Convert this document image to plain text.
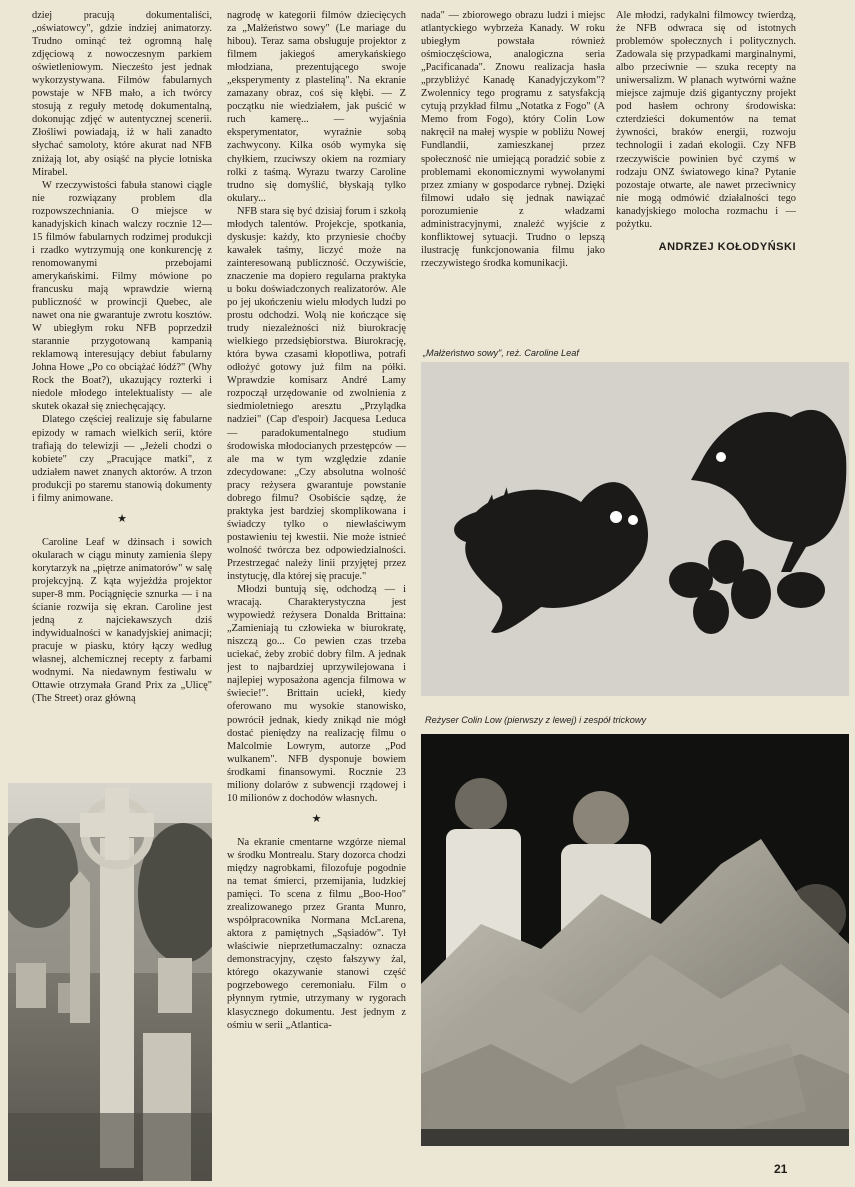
dziej pracują dokumentaliści, „oświatowcy", gdzie indziej animatorzy. Trudno ominąć też ogromną halę zdjęciową z nowoczesnym parkiem oświetleniowym. Niecześto jest jednak wykorzystywana. Filmów fabularnych powstaje w NFB mało, a ich twórcy stosują z reguły metodę dokumentalną, dokonując zdjęć w autentycznej scenerii. Złośliwi powiadają, iż w hali zanadto słychać samoloty, które akurat nad NFB zniżają lot, aby osiąść na płycie lotniska Mirabel.

W rzeczywistości fabuła stanowi ciągle nie rozwiązany problem dla rozpowszechniania. O miejsce w kanadyjskich kinach walczy rocznie 12—15 filmów fabularnych rodzimej produkcji i rzadko wytrzymują one konkurencję z renomowanymi przebojami amerykańskimi. Filmy mówione po francusku mają wprawdzie wierną publiczność w prowincji Quebec, ale nawet ona nie gwarantuje zwrotu kosztów. W ubiegłym roku NFB poprzedził starannie przygotowaną kampanią reklamową interesujący debiut fabularny Johna Howe „Po co obciążać łódź?" (Why Rock the Boat?), ukazujący rozterki i niedole młodego intelektualisty — ale skutek okazał się zniechęcający.

Dlatego częściej realizuje się fabularne epizody w ramach wielkich serii, które trafiają do telewizji — „Jeżeli chodzi o kobiete" czy „Pracujące matki", z udziałem nawet znanych aktorów. A trzon produkcji po staremu stanowią dokumenty i filmy animowane.

★

Caroline Leaf w dżinsach i sowich okularach w ciągu minuty zamienia ślepy korytarzyk na „piętrze animatorów" w salę projekcyjną. Z kąta wyjeżdża projektor super-8 mm. Pociągnięcie sznurka — i na ścianie rozwija się ekran. Caroline jest jedną z najciekawszych dziś indywidualności w kanadyjskiej animacji; pracuje w piasku, który łączy według własnej, alchemicznej recepty z farbami wodnymi. Na niedawnym festiwalu w Ottawie otrzymała Grand Prix za „Ulicę" (The Street) oraz główną

nagrodę w kategorii filmów dziecięcych za „Małżeństwo sowy" (Le mariage du hibou). Teraz sama obsługuje projektor z filmem jakiegoś amerykańskiego młodziana, prezentującego swoje „eksperymenty z plasteliną". Na ekranie zamazany obraz, coś się kłębi. — Z początku nie wiedziałem, jak puścić w ruch kamerę... — wyjaśnia eksperymentator, wyraźnie sobą zachwycony. Kilka osób wymyka się chyłkiem, rzuciwszy okiem na rozmiary rolki z taśmą. Wyrazu twarzy Caroline trudno się domyślić, błyskają tylko okulary...

NFB stara się być dzisiaj forum i szkołą młodych talentów. Projekcje, spotkania, dyskusje: każdy, kto przyniesie choćby kawałek taśmy, liczyć może na zainteresowaną publiczność. Oczywiście, znaczenie ma dopiero regularna praktyka u boku doświadczonych realizatorów. Ale po jej ukończeniu wielu młodych ludzi po prostu odchodzi. Wolą nie kończące się trudy niezależności niż biurokrację wielkiego przedsiębiorstwa. Biurokrację, która bywa czasami kłopotliwa, potrafi odłożyć gotowy już film na półki. Wprawdzie komisarz André Lamy rozpoczął urzędowanie od zwolnienia z siedmioletniego aresztu „Przylądka nadziei" (Cap d'espoir) Jacquesa Leduca — paradokumentalnego studium środowiska młodocianych przestępców — ale ma w tym względzie zdanie zdecydowane: „Czy absolutna wolność pracy reżysera gwarantuje powstanie dobrego filmu? Osobiście sądzę, że praktyka jest bardziej skomplikowana i świadczy tylko o niewłaściwym postawieniu tej kwestii. Nie może istnieć wolność twórcza bez odpowiedzialności. Przestrzegać należy linii przyjętej przez instytucję, dla której się pracuje."

Młodzi buntują się, odchodzą — i wracają. Charakterystyczna jest wypowiedź reżysera Donalda Brittaina: „Zamieniają tu człowieka w biurokratę, niszczą go... Co pewien czas trzeba uciekać, żeby zrobić dobry film. A jednak jest to najbardziej uprzywilejowana i najlepiej wyposażona agencja filmowa w świecie!". Brittain uciekł, kiedy oferowano mu wysokie stanowisko, powrócił jednak, kiedy znikąd nie mógł dostać pieniędzy na realizację filmu o Malcolmie Lowrym, autorze „Pod wulkanem". NFB dysponuje bowiem środkami finansowymi. Rocznie 23 miliony dolarów z subwencji rządowej i 10 milionów z dochodów własnych.

★

Na ekranie cmentarne wzgórze niemal w środku Montrealu. Stary dozorca chodzi między nagrobkami, filozofuje pogodnie na temat śmierci, przemijania, ludzkiej pamięci. To scena z filmu „Boo-Hoo" zrealizowanego przez Granta Munro, współpracownika Normana McLarena, aktora z pamiętnych „Sąsiadów". Tył właściwie nieprzetłumaczalny: oznacza demonstracyjny, często fałszywy żal, którego okazywanie stanowi część pogrzebowego ceremoniału. Film o płynnym rytmie, utrzymany w rygorach klasycznego dokumentu. Jest jednym z ośmiu w serii „Atlantica-

nada" — zbiorowego obrazu ludzi i miejsc atlantyckiego wybrzeża Kanady. W roku ubiegłym powstała również ośmioczęściowa, analogiczna seria „Pacificanada". Znowu realizacja hasła „przybliżyć Kanadę Kanadyjczykom"? Zwolennicy tego programu z satysfakcją cytują przykład filmu „Notatka z Fogo" (A Memo from Fogo), który Colin Low nakręcił na małej wyspie w pobliżu Nowej Fundlandii, zamieszkanej przez społeczność nie umiejącą poradzić sobie z problemami ekonomicznymi wywołanymi przez zmiany w gospodarce rybnej. Dzięki filmowi udało się jednak nawiązać porozumienie z władzami administracyjnymi, znaleźć wyjście z konfliktowej sytuacji. Trudno o lepszą ilustrację funkcjonowania filmu jako rzeczywistego środka komunikacji.

Ale młodzi, radykalni filmowcy twierdzą, że NFB odwraca się od istotnych problemów społecznych i politycznych. Zadowala się przypadkami marginalnymi, albo przeciwnie — szuka recepty na uniwersalizm. W planach wytwórni ważne miejsce zajmuje dziś gigantyczny projekt pod hasłem ochrony środowiska: czterdzieści dokumentów na temat żywności, braków energii, rozwoju technologii i zadań ekologii. Czy NFB rzeczywiście powinien być czymś w rodzaju ONZ światowego kina? Pytanie pozostaje otwarte, ale nawet przeciwnicy nie mogą odmówić działalności tego kanadyjskiego molocha rozmachu i — pożytku.

ANDRZEJ KOŁODYŃSKI
„Małżeństwo sowy", reż. Caroline Leaf
Reżyser Colin Low (pierwszy z lewej) i zespół trickowy
21
